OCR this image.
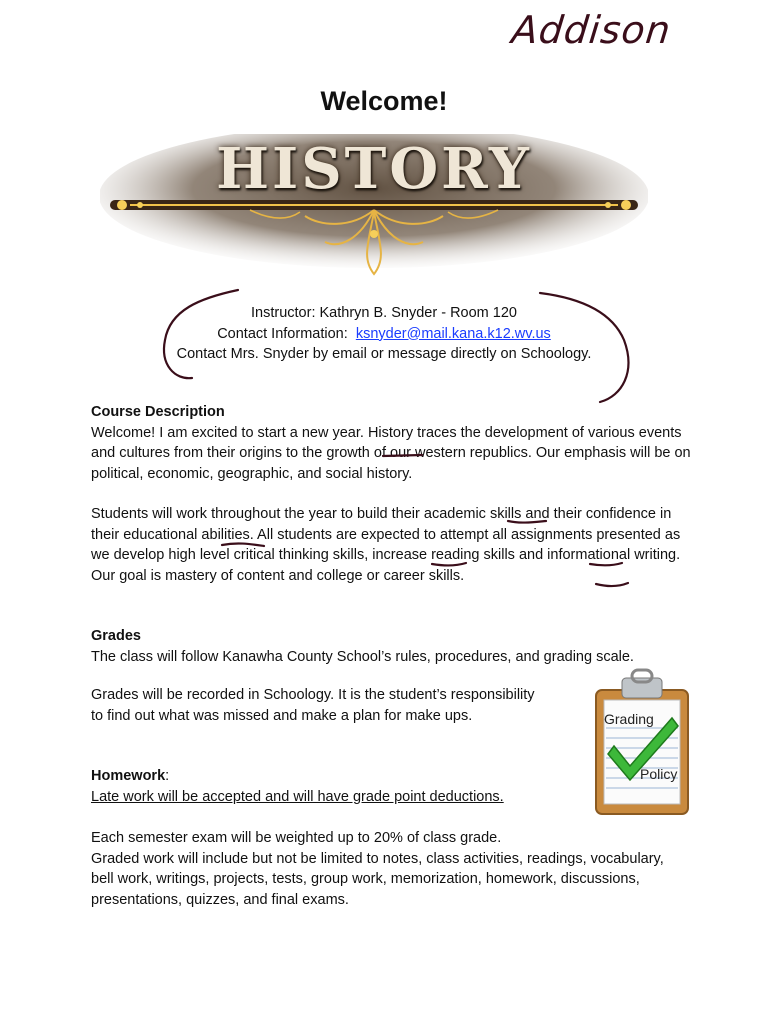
Addison
Welcome!
HISTORY
Instructor: Kathryn B. Snyder - Room 120
Contact Information: ksnyder@mail.kana.k12.wv.us
Contact Mrs. Snyder by email or message directly on Schoology.
Course Description
Welcome! I am excited to start a new year. History traces the development of various events and cultures from their origins to the growth of our western republics. Our emphasis will be on political, economic, geographic, and social history.
Students will work throughout the year to build their academic skills and their confidence in their educational abilities. All students are expected to attempt all assignments presented as we develop high level critical thinking skills, increase reading skills and informational writing. Our goal is mastery of content and college or career skills.
Grades
The class will follow Kanawha County School’s rules, procedures, and grading scale.
Grades will be recorded in Schoology. It is the student’s responsibility
to find out what was missed and make a plan for make ups.	Grading
Policy
Homework:
Late work will be accepted and will have grade point deductions.
Each semester exam will be weighted up to 20% of class grade.
Graded work will include but not be limited to notes, class activities, readings, vocabulary, bell work, writings, projects, tests, group work, memorization, homework, discussions, presentations, quizzes, and final exams.
